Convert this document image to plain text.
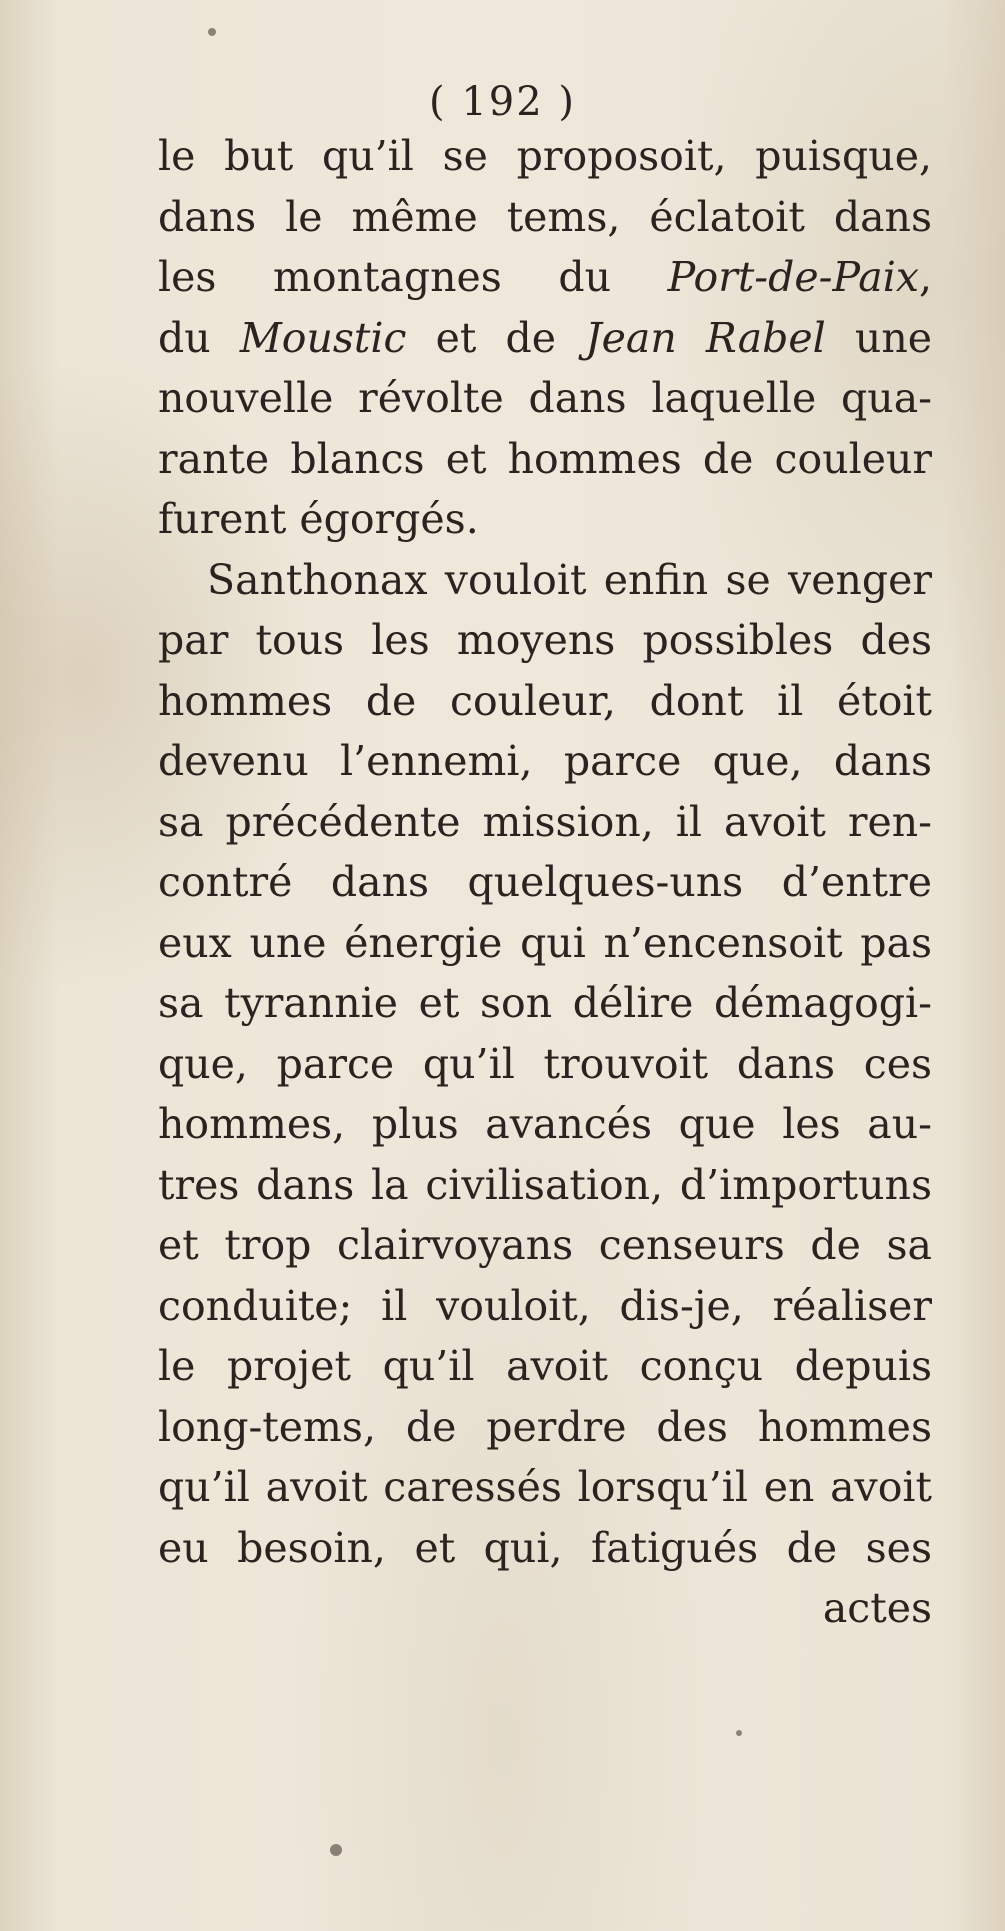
( 192 )
le but qu’il se proposoit, puisque,
dans le même tems, éclatoit dans
les montagnes du Port-de-Paix,
du Moustic et de Jean Rabel une
nouvelle révolte dans laquelle qua-
rante blancs et hommes de couleur
furent égorgés.
Santhonax vouloit enfin se venger
par tous les moyens possibles des
hommes de couleur, dont il étoit
devenu l’ennemi, parce que, dans
sa précédente mission, il avoit ren-
contré dans quelques-uns d’entre
eux une énergie qui n’encensoit pas
sa tyrannie et son délire démagogi-
que, parce qu’il trouvoit dans ces
hommes, plus avancés que les au-
tres dans la civilisation, d’importuns
et trop clairvoyans censeurs de sa
conduite; il vouloit, dis-je, réaliser
le projet qu’il avoit conçu depuis
long-tems, de perdre des hommes
qu’il avoit caressés lorsqu’il en avoit
eu besoin, et qui, fatigués de ses
actes
